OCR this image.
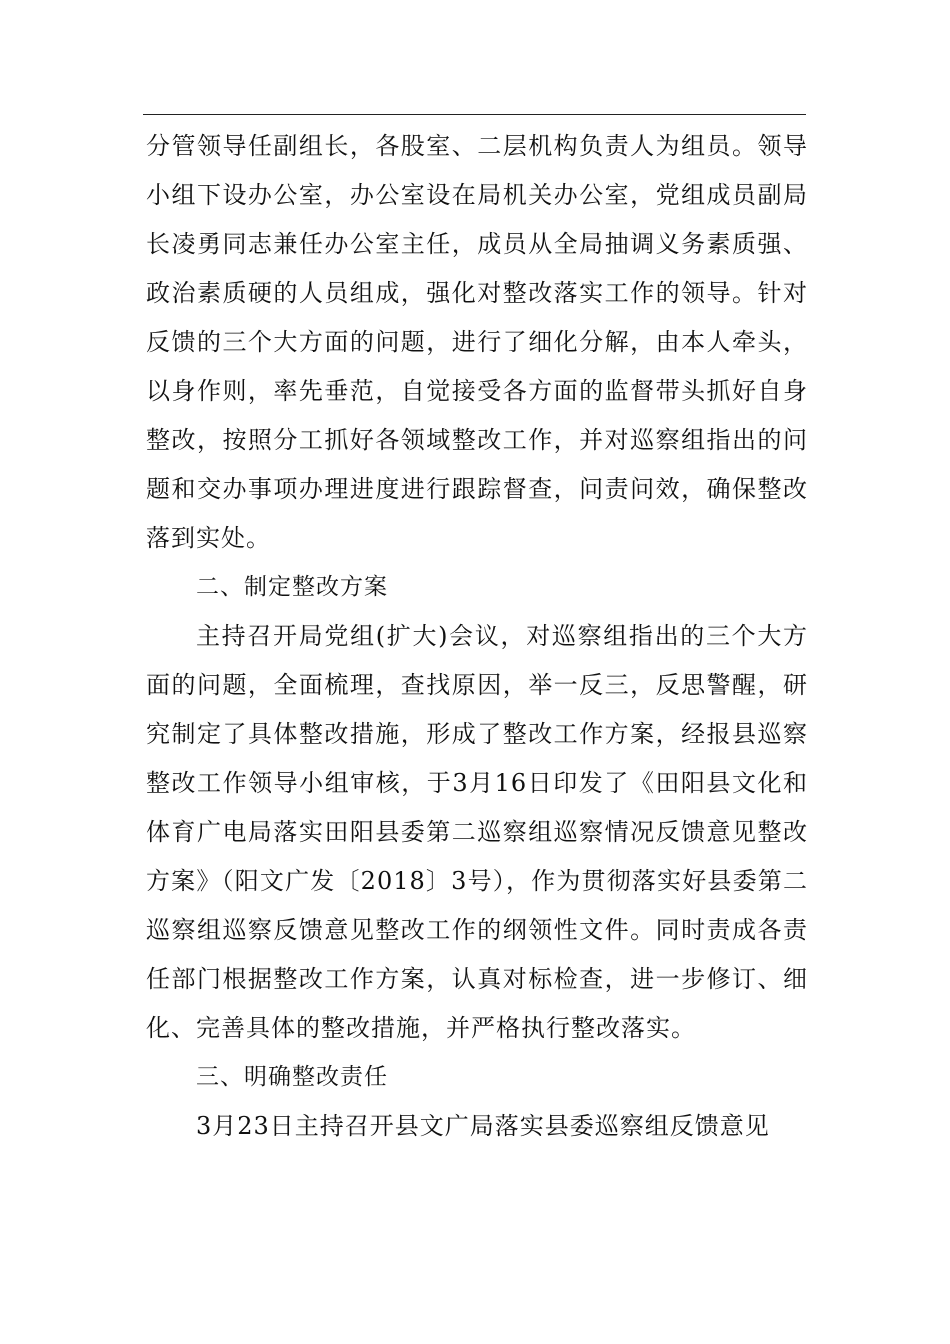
分管领导任副组长，各股室、二层机构负责人为组员。领导小组下设办公室，办公室设在局机关办公室，党组成员副局长凌勇同志兼任办公室主任，成员从全局抽调义务素质强、政治素质硬的人员组成，强化对整改落实工作的领导。针对反馈的三个大方面的问题，进行了细化分解，由本人牵头，以身作则，率先垂范，自觉接受各方面的监督带头抓好自身整改，按照分工抓好各领域整改工作，并对巡察组指出的问题和交办事项办理进度进行跟踪督查，问责问效，确保整改落到实处。

二、制定整改方案

主持召开局党组(扩大)会议，对巡察组指出的三个大方面的问题，全面梳理，查找原因，举一反三，反思警醒，研究制定了具体整改措施，形成了整改工作方案，经报县巡察整改工作领导小组审核，于3月16日印发了《田阳县文化和体育广电局落实田阳县委第二巡察组巡察情况反馈意见整改方案》（阳文广发〔2018〕3号），作为贯彻落实好县委第二巡察组巡察反馈意见整改工作的纲领性文件。同时责成各责任部门根据整改工作方案，认真对标检查，进一步修订、细化、完善具体的整改措施，并严格执行整改落实。

三、明确整改责任

3月23日主持召开县文广局落实县委巡察组反馈意见
